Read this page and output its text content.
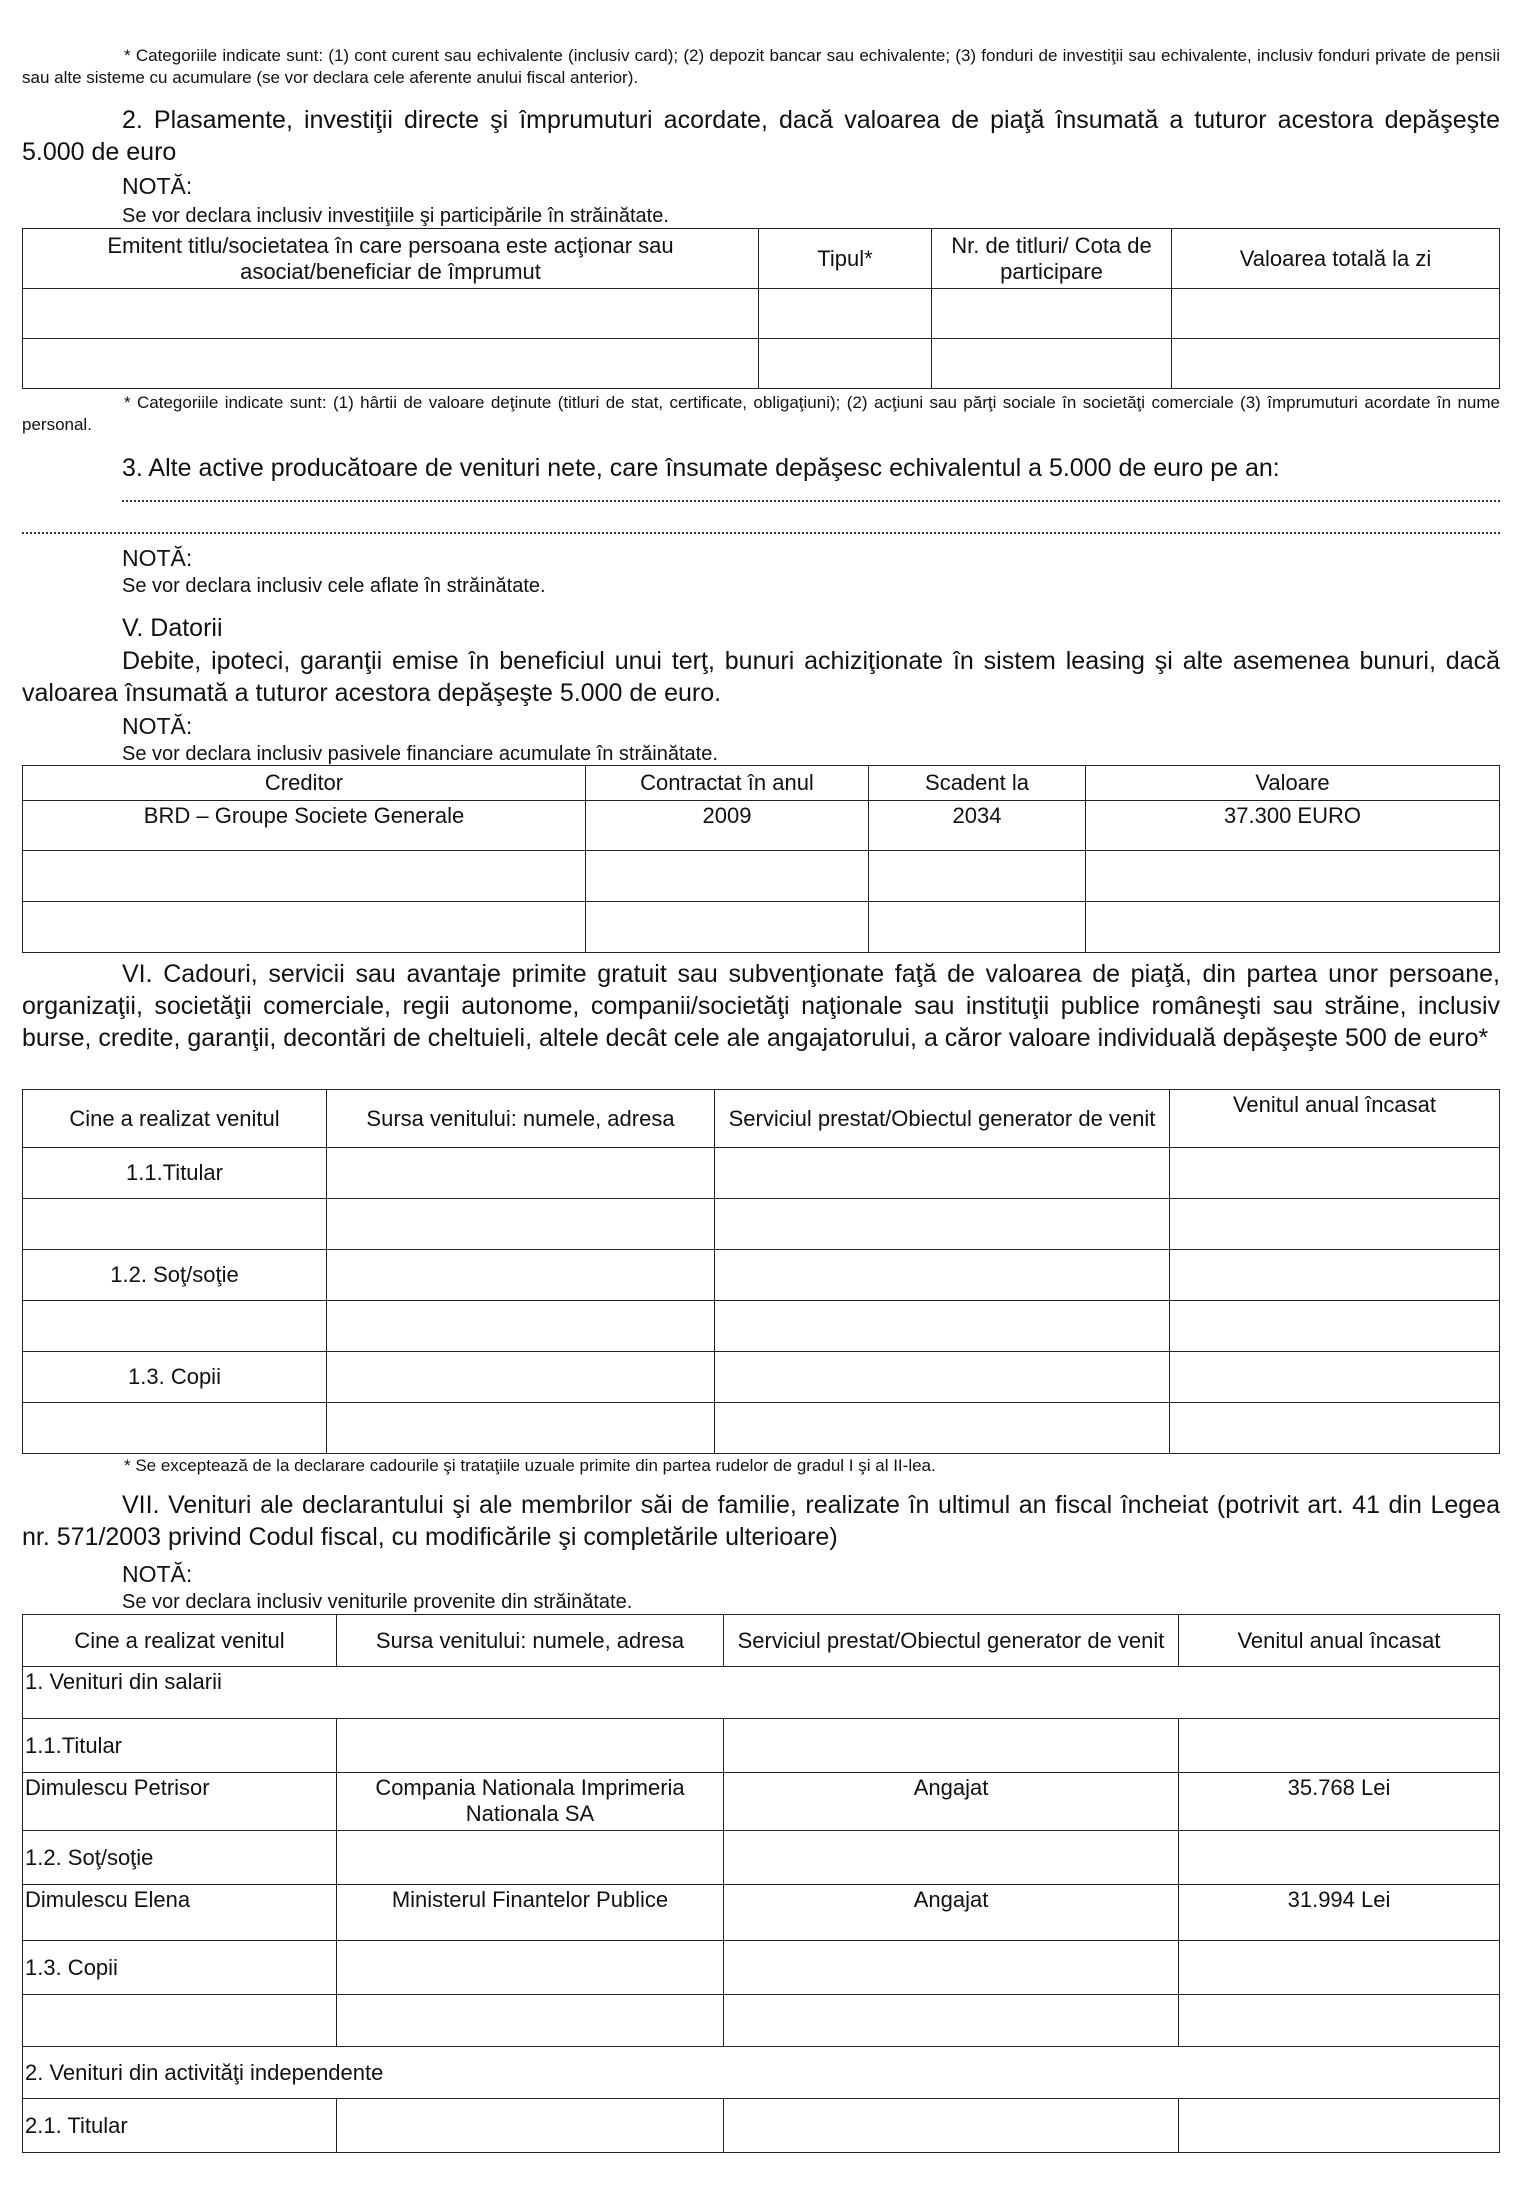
* Categoriile indicate sunt: (1) cont curent sau echivalente (inclusiv card); (2) depozit bancar sau echivalente; (3) fonduri de investiţii sau echivalente, inclusiv fonduri private de pensii sau alte sisteme cu acumulare (se vor declara cele aferente anului fiscal anterior).

2. Plasamente, investiţii directe şi împrumuturi acordate, dacă valoarea de piaţă însumată a tuturor acestora depăşeşte 5.000 de euro

NOTĂ:
Se vor declara inclusiv investiţiile şi participările în străinătate.
Emitent titlu/societatea în care persoana este acţionar sau asociat/beneficiar de împrumut	Tipul*	Nr. de titluri/ Cota de participare	Valoarea totală la zi

* Categoriile indicate sunt: (1) hârtii de valoare deţinute (titluri de stat, certificate, obligaţiuni); (2) acţiuni sau părţi sociale în societăţi comerciale (3) împrumuturi acordate în nume personal.

3. Alte active producătoare de venituri nete, care însumate depăşesc echivalentul a 5.000 de euro pe an:
NOTĂ:
Se vor declara inclusiv cele aflate în străinătate.
V. Datorii

Debite, ipoteci, garanţii emise în beneficiul unui terţ, bunuri achiziţionate în sistem leasing şi alte asemenea bunuri, dacă valoarea însumată a tuturor acestora depăşeşte 5.000 de euro.

NOTĂ:
Se vor declara inclusiv pasivele financiare acumulate în străinătate.
Creditor	Contractat în anul	Scadent la	Valoare
BRD – Groupe Societe Generale	2009	2034	37.300 EURO

VI. Cadouri, servicii sau avantaje primite gratuit sau subvenţionate faţă de valoarea de piaţă, din partea unor persoane, organizaţii, societăţii comerciale, regii autonome, companii/societăţi naţionale sau instituţii publice româneşti sau străine, inclusiv burse, credite, garanţii, decontări de cheltuieli, altele decât cele ale angajatorului, a căror valoare individuală depăşeşte 500 de euro*

Cine a realizat venitul	Sursa venitului: numele, adresa	Serviciul prestat/Obiectul generator de venit	Venitul anual încasat
1.1.Titular			

1.2. Soţ/soţie			

1.3. Copii			

* Se exceptează de la declarare cadourile şi trataţiile uzuale primite din partea rudelor de gradul I şi al II-lea.

VII. Venituri ale declarantului şi ale membrilor săi de familie, realizate în ultimul an fiscal încheiat (potrivit art. 41 din Legea nr. 571/2003 privind Codul fiscal, cu modificările şi completările ulterioare)

NOTĂ:
Se vor declara inclusiv veniturile provenite din străinătate.
Cine a realizat venitul	Sursa venitului: numele, adresa	Serviciul prestat/Obiectul generator de venit	Venitul anual încasat
1. Venituri din salarii			
1.1.Titular			
Dimulescu Petrisor	Compania Nationala Imprimeria Nationala SA	Angajat	35.768 Lei
1.2. Soţ/soţie			
Dimulescu Elena	Ministerul Finantelor Publice	Angajat	31.994 Lei
1.3. Copii			

2. Venituri din activităţi independente			
2.1. Titular			
